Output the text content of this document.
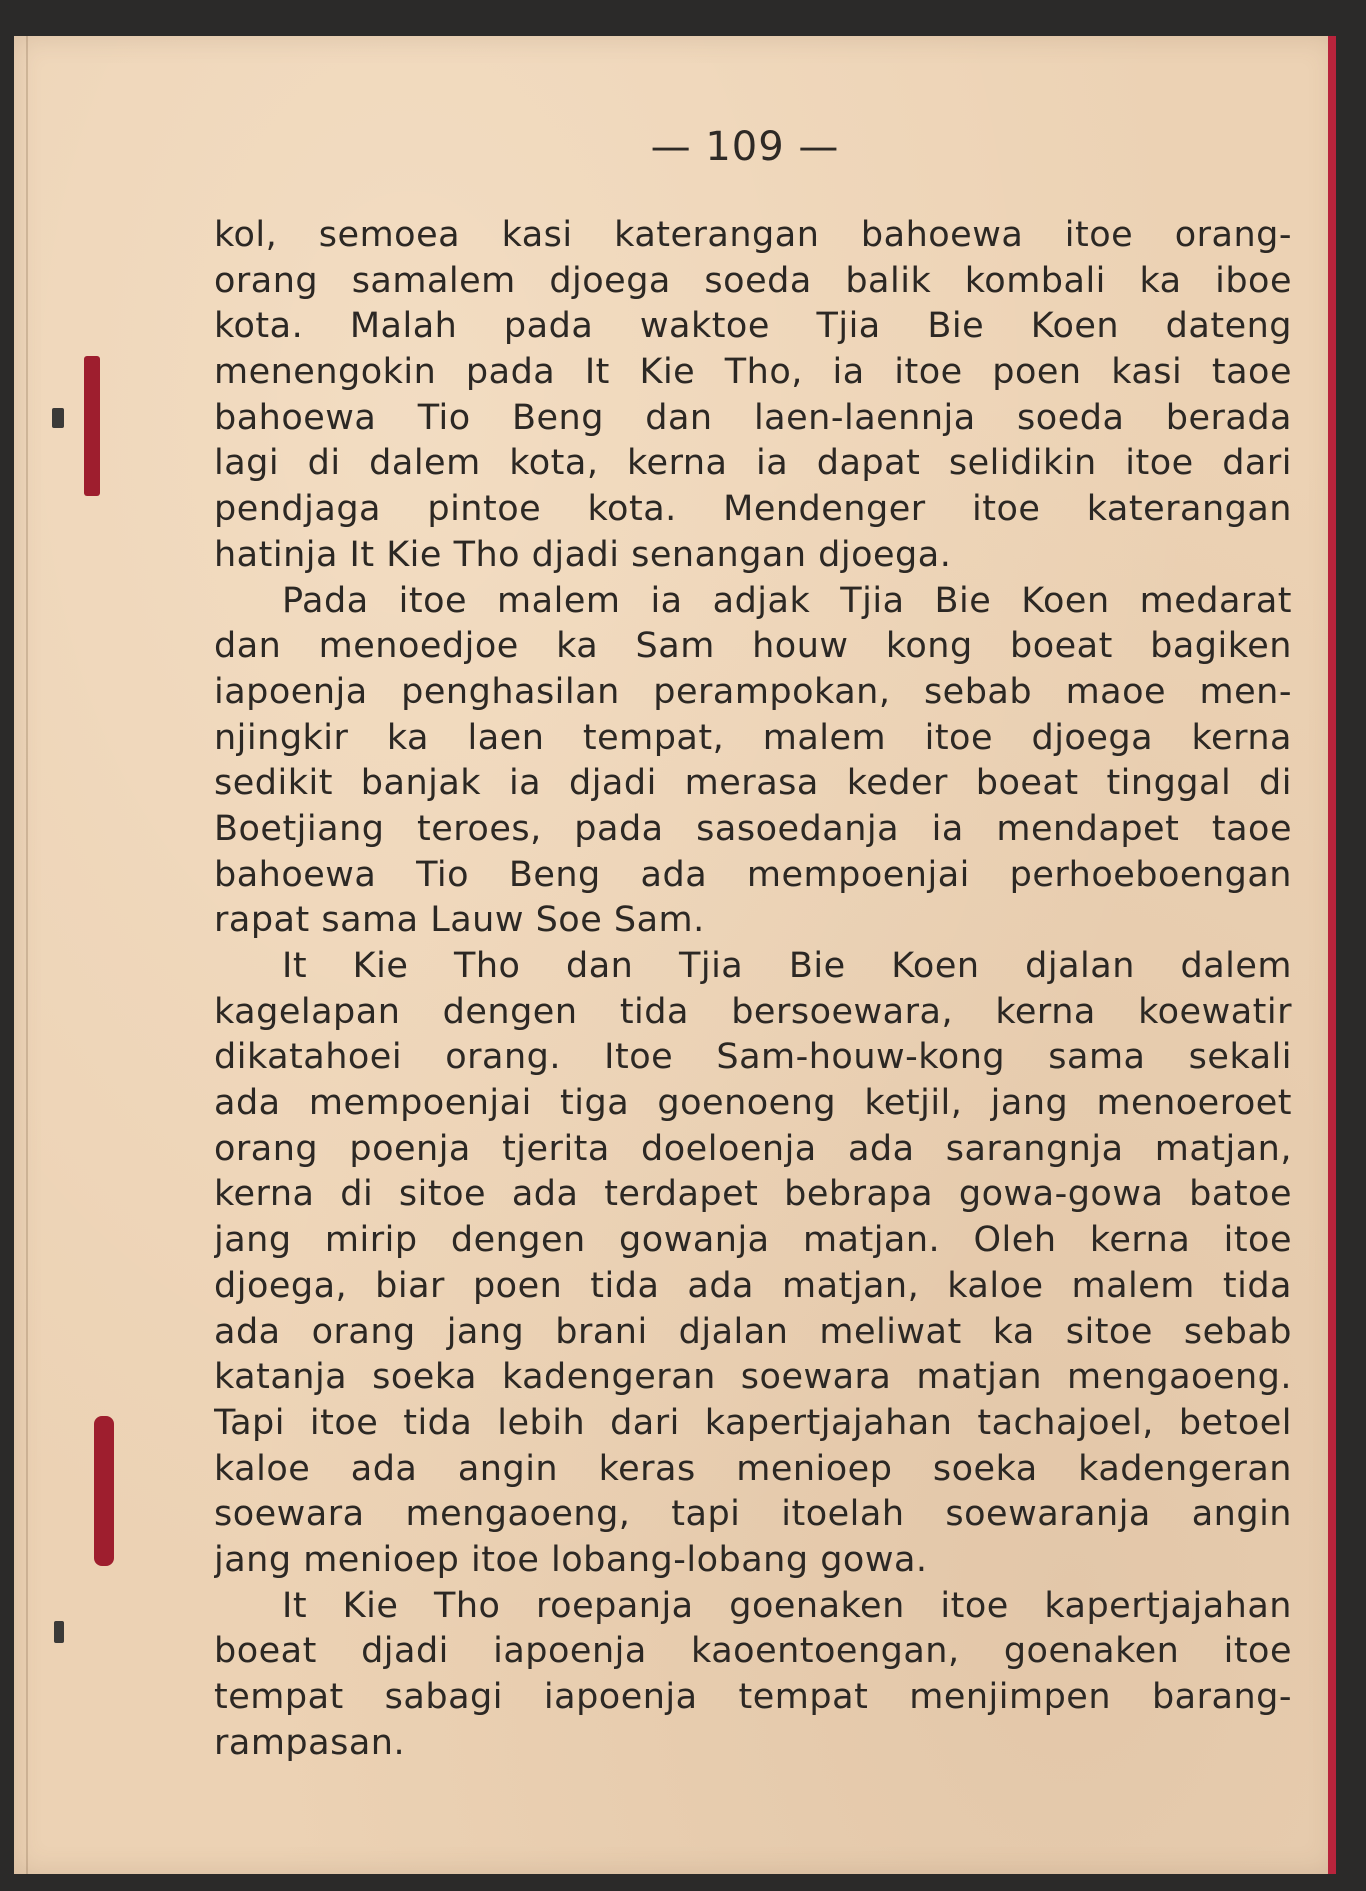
— 109 —
kol, semoea kasi katerangan bahoewa itoe orang-
orang samalem djoega soeda balik kombali ka iboe
kota. Malah pada waktoe Tjia Bie Koen dateng
menengokin pada It Kie Tho, ia itoe poen kasi taoe
bahoewa Tio Beng dan laen-laennja soeda berada
lagi di dalem kota, kerna ia dapat selidikin itoe dari
pendjaga pintoe kota. Mendenger itoe katerangan
hatinja It Kie Tho djadi senangan djoega.
Pada itoe malem ia adjak Tjia Bie Koen medarat
dan menoedjoe ka Sam houw kong boeat bagiken
iapoenja penghasilan perampokan, sebab maoe men-
njingkir ka laen tempat, malem itoe djoega kerna
sedikit banjak ia djadi merasa keder boeat tinggal di
Boetjiang teroes, pada sasoedanja ia mendapet taoe
bahoewa Tio Beng ada mempoenjai perhoeboengan
rapat sama Lauw Soe Sam.
It Kie Tho dan Tjia Bie Koen djalan dalem
kagelapan dengen tida bersoewara, kerna koewatir
dikatahoei orang. Itoe Sam-houw-kong sama sekali
ada mempoenjai tiga goenoeng ketjil, jang menoeroet
orang poenja tjerita doeloenja ada sarangnja matjan,
kerna di sitoe ada terdapet bebrapa gowa-gowa batoe
jang mirip dengen gowanja matjan. Oleh kerna itoe
djoega, biar poen tida ada matjan, kaloe malem tida
ada orang jang brani djalan meliwat ka sitoe sebab
katanja soeka kadengeran soewara matjan mengaoeng.
Tapi itoe tida lebih dari kapertjajahan tachajoel, betoel
kaloe ada angin keras menioep soeka kadengeran
soewara mengaoeng, tapi itoelah soewaranja angin
jang menioep itoe lobang-lobang gowa.
It Kie Tho roepanja goenaken itoe kapertjajahan
boeat djadi iapoenja kaoentoengan, goenaken itoe
tempat sabagi iapoenja tempat menjimpen barang-
rampasan.
